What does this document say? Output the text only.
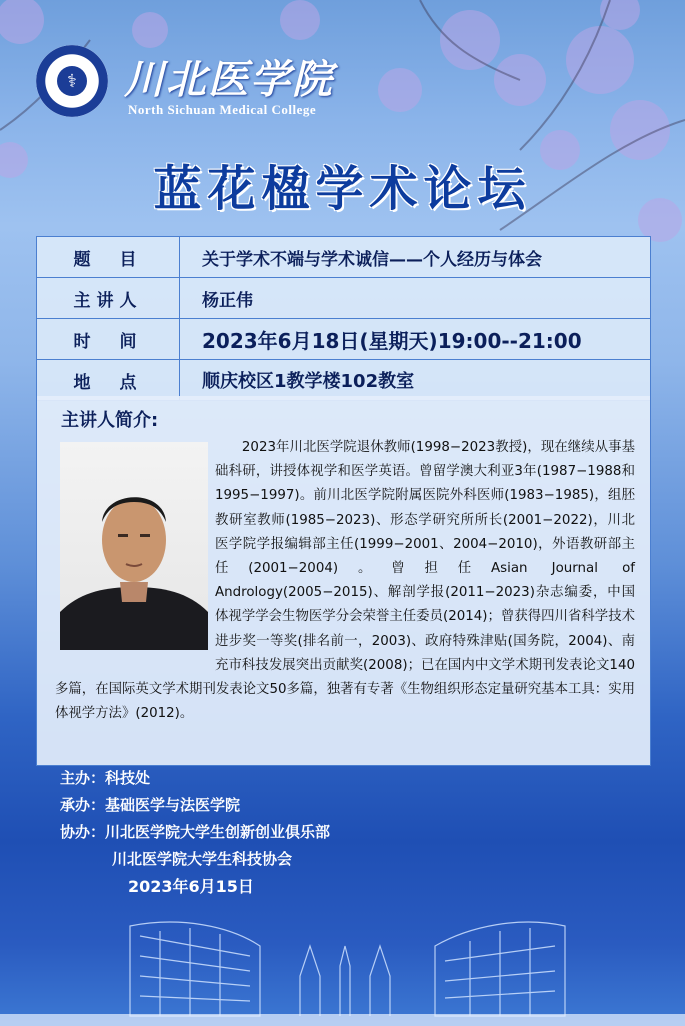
⚕ 川北医学院
North Sichuan Medical College
蓝花楹学术论坛
题　目	关于学术不端与学术诚信——个人经历与体会
主讲人	杨正伟
时　间	2023年6月18日(星期天)19:00--21:00
地　点	顺庆校区1教学楼102教室
主讲人简介:
　　2023年川北医学院退休教师(1998−2023教授)，现在继续从事基础科研，讲授体视学和医学英语。曾留学澳大利亚3年(1987−1988和1995−1997)。前川北医学院附属医院外科医师(1983−1985)，组胚教研室教师(1985−2023)、形态学研究所所长(2001−2022)，川北医学院学报编辑部主任(1999−2001、2004−2010)，外语教研部主任(2001−2004)。曾担任Asian Journal of Andrology(2005−2015)、解剖学报(2011−2023)杂志编委，中国体视学学会生物医学分会荣誉主任委员(2014)；曾获得四川省科学技术进步奖一等奖(排名前一，2003)、政府特殊津贴(国务院，2004)、南充市科技发展突出贡献奖(2008)；已在国内中文学术期刊发表论文140多篇，在国际英文学术期刊发表论文50多篇，独著有专著《生物组织形态定量研究基本工具：实用体视学方法》(2012)。
主办：科技处
承办：基础医学与法医学院
协办：川北医学院大学生创新创业俱乐部
川北医学院大学生科技协会
2023年6月15日
